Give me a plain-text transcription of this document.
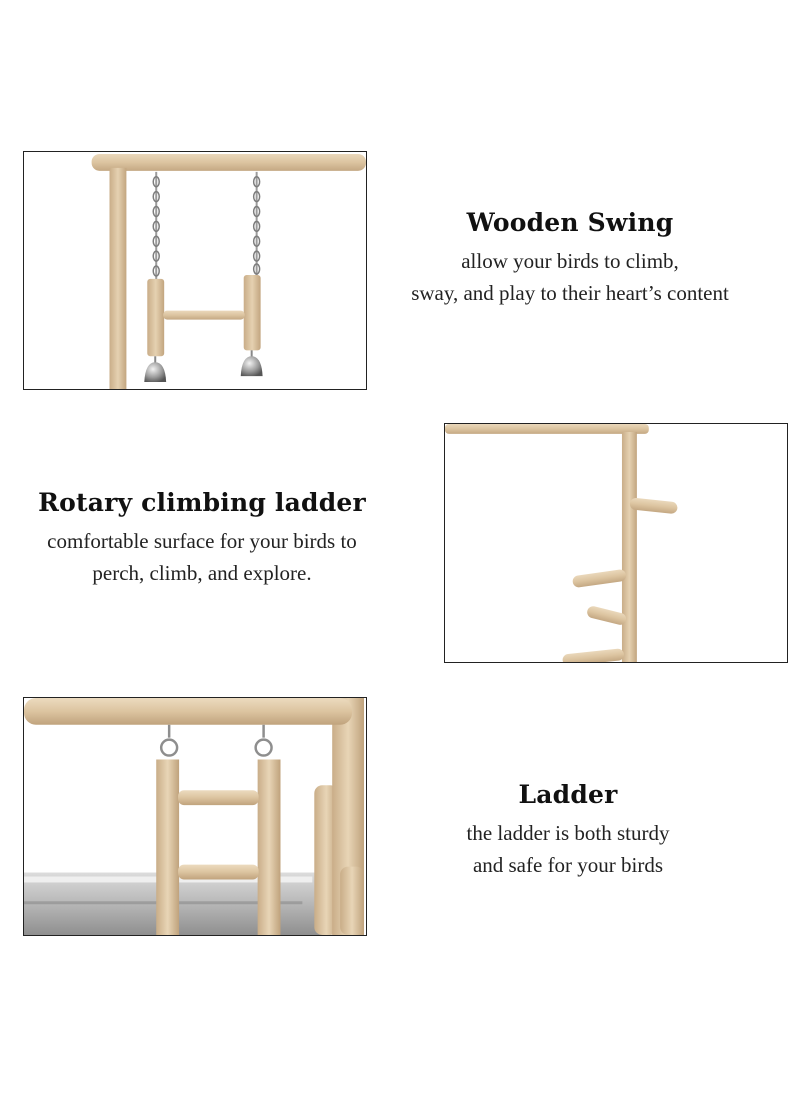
Wooden Swing

allow your birds to climb,
sway, and play to their heart’s content

Rotary climbing ladder

comfortable surface for your birds to
perch, climb, and explore.

Ladder

the ladder is both sturdy
and safe for your birds
